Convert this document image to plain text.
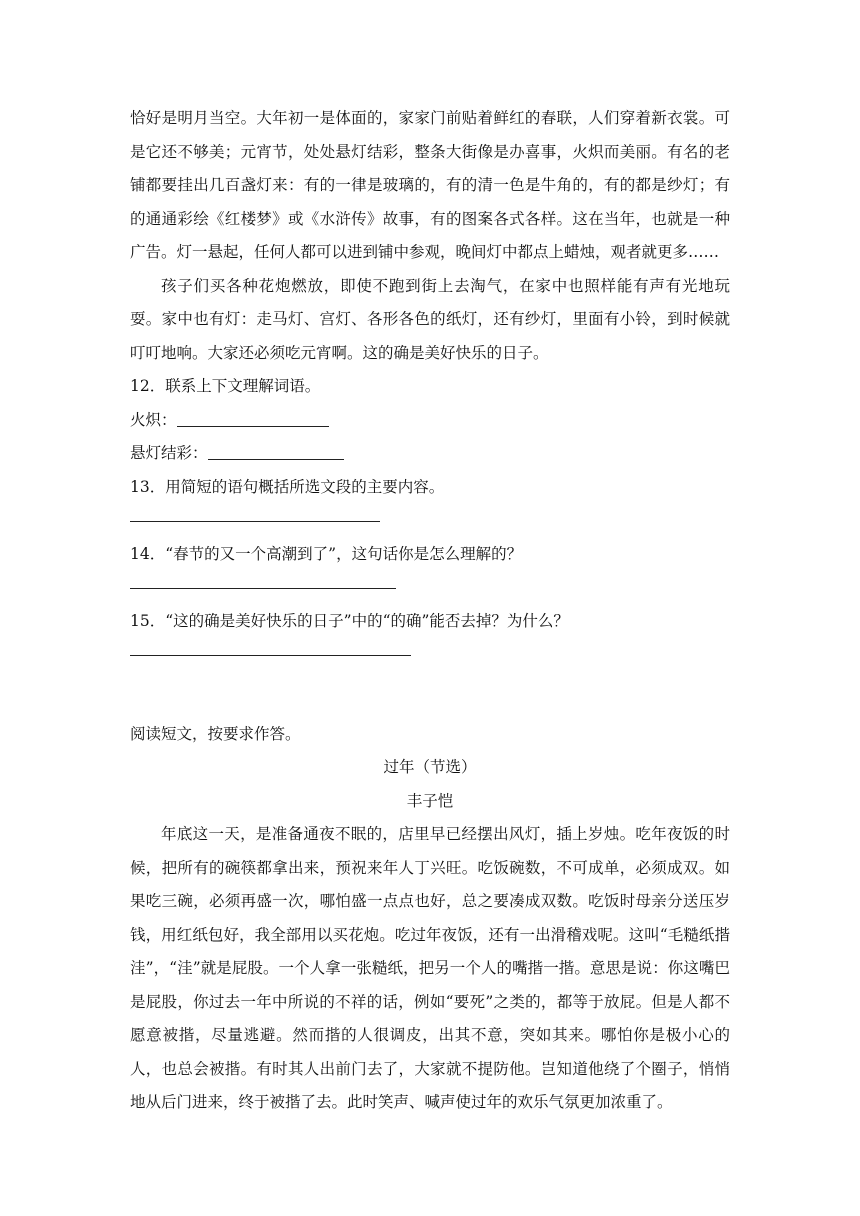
恰好是明月当空。大年初一是体面的，家家门前贴着鲜红的春联，人们穿着新衣裳。可是它还不够美；元宵节，处处悬灯结彩，整条大街像是办喜事，火炽而美丽。有名的老铺都要挂出几百盏灯来：有的一律是玻璃的，有的清一色是牛角的，有的都是纱灯；有的通通彩绘《红楼梦》或《水浒传》故事，有的图案各式各样。这在当年，也就是一种广告。灯一悬起，任何人都可以进到铺中参观，晚间灯中都点上蜡烛，观者就更多……

孩子们买各种花炮燃放，即使不跑到街上去淘气，在家中也照样能有声有光地玩耍。家中也有灯：走马灯、宫灯、各形各色的纸灯，还有纱灯，里面有小铃，到时候就叮叮地响。大家还必须吃元宵啊。这的确是美好快乐的日子。

12．联系上下文理解词语。

火炽：

悬灯结彩：

13．用简短的语句概括所选文段的主要内容。

14．“春节的又一个高潮到了”，这句话你是怎么理解的？

15．“这的确是美好快乐的日子”中的“的确”能否去掉？为什么？

阅读短文，按要求作答。

过年（节选）

丰子恺

年底这一天，是准备通夜不眠的，店里早已经摆出风灯，插上岁烛。吃年夜饭的时候，把所有的碗筷都拿出来，预祝来年人丁兴旺。吃饭碗数，不可成单，必须成双。如果吃三碗，必须再盛一次，哪怕盛一点点也好，总之要凑成双数。吃饭时母亲分送压岁钱，用红纸包好，我全部用以买花炮。吃过年夜饭，还有一出滑稽戏呢。这叫“毛糙纸揩洼”，“洼”就是屁股。一个人拿一张糙纸，把另一个人的嘴揩一揩。意思是说：你这嘴巴是屁股，你过去一年中所说的不祥的话，例如“要死”之类的，都等于放屁。但是人都不愿意被揩，尽量逃避。然而揩的人很调皮，出其不意，突如其来。哪怕你是极小心的人，也总会被揩。有时其人出前门去了，大家就不提防他。岂知道他绕了个圈子，悄悄地从后门进来，终于被揩了去。此时笑声、喊声使过年的欢乐气氛更加浓重了。
